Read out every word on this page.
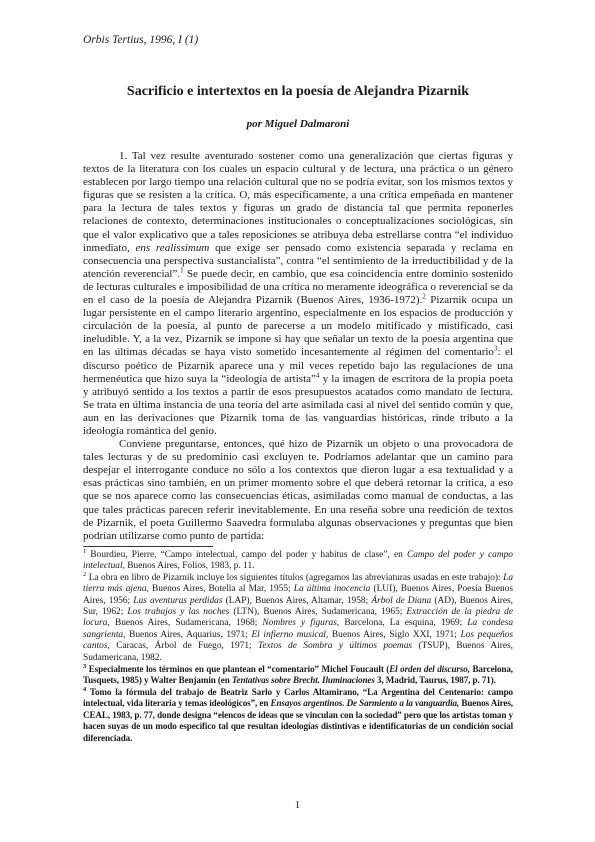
Orbis Tertius, 1996, I (1)
Sacrificio e intertextos en la poesía de Alejandra Pizarnik
por Miguel Dalmaroni

1. Tal vez resulte aventurado sostener como una generalización que ciertas figuras y textos de la literatura con los cuales un espacio cultural y de lectura, una práctica o un género establecen por largo tiempo una relación cultural que no se podría evitar, son los mismos textos y figuras que se resisten a la crítica. O, más específicamente, a una crítica empeñada en mantener para la lectura de tales textos y figuras un grado de distancia tal que permita reponerles relaciones de contexto, determinaciones institucionales o conceptualizaciones sociológicas, sin que el valor explicativo que a tales reposiciones se atribuya deba estrellarse contra “el individuo inmediato, ens realissimum que exige ser pensado como existencia separada y reclama en consecuencia una perspectiva sustancialista”, contra “el sentimiento de la irreductibilidad y de la atención reverencial”.$^1$ Se puede decir, en cambio, que esa coincidencia entre dominio sostenido de lecturas culturales e imposibilidad de una crítica no meramente ideográfica o reverencial se da en el caso de la poesía de Alejandra Pizarnik (Buenos Aires, 1936-1972).$^2$ Pizarnik ocupa un lugar persistente en el campo literario argentino, especialmente en los espacios de producción y circulación de la poesía, al punto de parecerse a un modelo mitificado y mistificado, casi ineludible. Y, a la vez, Pizarnik se impone si hay que señalar un texto de la poesía argentina que en las últimas décadas se haya visto sometido incesantemente al régimen del comentario$^3$: el discurso poético de Pizarnik aparece una y mil veces repetido bajo las regulaciones de una hermenéutica que hizo suya la “ideología de artista”$^4$ y la imagen de escritora de la propia poeta y atribuyó sentido a los textos a partir de esos presupuestos acatados como mandato de lectura. Se trata en última instancia de una teoría del arte asimilada casi al nivel del sentido común y que, aun en las derivaciones que Pizarnik toma de las vanguardias históricas, rinde tributo a la ideología romántica del genio.

Conviene preguntarse, entonces, qué hizo de Pizarnik un objeto o una provocadora de tales lecturas y de su predominio casi excluyen te. Podríamos adelantar que un camino para despejar el interrogante conduce no sólo a los contextos que dieron lugar a esa textualidad y a esas prácticas sino también, en un primer momento sobre el que deberá retornar la crítica, a eso que se nos aparece como las consecuencias éticas, asimiladas como manual de conductas, a las que tales prácticas parecen referir inevitablemente. En una reseña sobre una reedición de textos de Pizarnik, el poeta Guillermo Saavedra formulaba algunas observaciones y preguntas que bien podrían utilizarse como punto de partida:

$^1$ Bourdieu, Pierre, “Campo intelectual, campo del poder y habitus de clase”, en Campo del poder y campo intelectual, Buenos Aires, Folios, 1983, p. 11.

$^2$ La obra en libro de Pizarnik incluye los siguientes títulos (agregamos las abreviaturas usadas en este trabajo): La tierra más ajena, Buenos Aires, Botella al Mar, 1955; La última inocencia (LUI), Buenos Aires, Poesía Buenos Aires, 1956; Las aventuras perdidas (LAP), Buenos Aires, Altamar, 1958; Árbol de Diana (AD), Buenos Aires, Sur, 1962; Los trabajos y las noches (LTN), Buenos Aires, Sudamericana, 1965; Extracción de la piedra de locura, Buenos Aires, Sudamericana, 1968; Nombres y figuras, Barcelona, La esquina, 1969; La condesa sangrienta, Buenos Aires, Aquarius, 1971; El infierno musical, Buenos Aires, Siglo XXI, 1971; Los pequeños cantos, Caracas, Árbol de Fuego, 1971; Textos de Sombra y últimos poemas (TSUP), Buenos Aires, Sudamericana, 1982.

$^3$ Especialmente los términos en que plantean el “comentario” Michel Foucault (El orden del discurso, Barcelona, Tusquets, 1985) y Walter Benjamin (en Tentativas sobre Brecht. Iluminaciones 3, Madrid, Taurus, 1987, p. 71).

$^4$ Tomo la fórmula del trabajo de Beatriz Sarlo y Carlos Altamirano, “La Argentina del Centenario: campo intelectual, vida literaria y temas ideológicos”, en Ensayos argentinos. De Sarmiento a la vanguardia, Buenos Aires, CEAL, 1983, p. 77, donde designa “elencos de ideas que se vinculan con la sociedad” pero que los artistas toman y hacen suyas de un modo específico tal que resultan ideologías distintivas e identificatorias de un condición social diferenciada.

1
